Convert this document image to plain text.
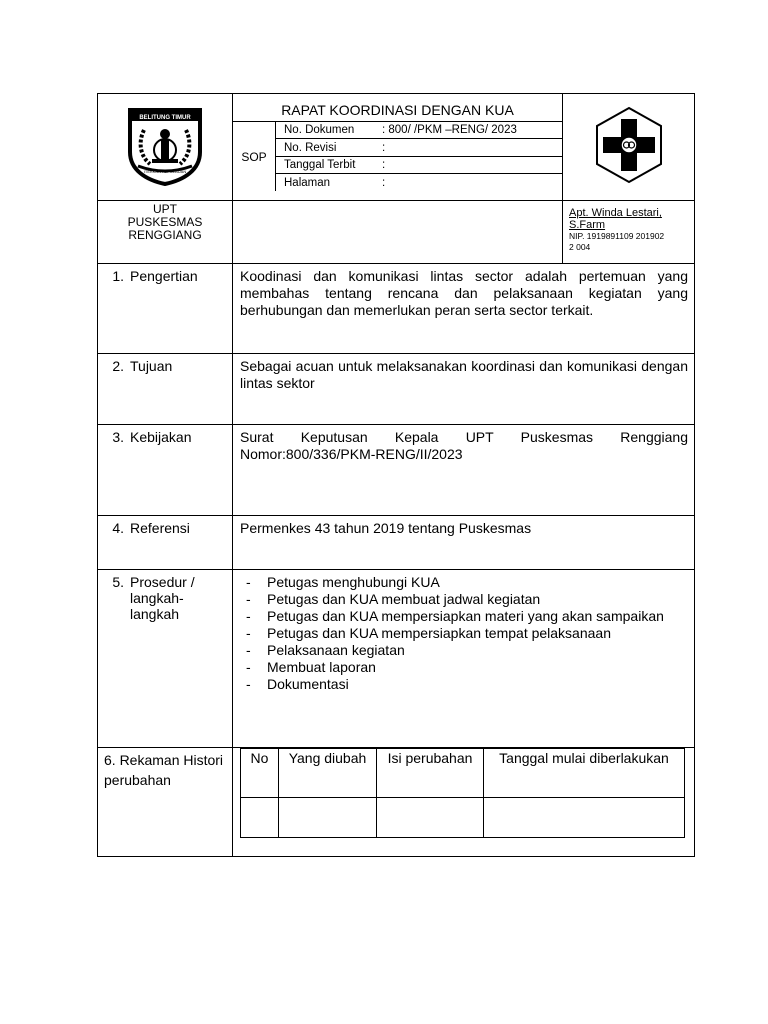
BELITUNG TIMUR
ITEKKAN KEPULAUAN

RAPAT KOORDINASI DENGAN KUA
SOP
No. Dokumen	: 800/ /PKM –RENG/ 2023
No. Revisi	:
Tanggal Terbit	:
Halaman	:

UPT
PUSKESMAS
RENGGIANG

Apt. Winda Lestari,
S.Farm
NIP. 1919891109 201902
2 004

1. Pengertian	Koodinasi dan komunikasi lintas sector adalah pertemuan yang membahas tentang rencana dan pelaksanaan kegiatan yang berhubungan dan memerlukan peran serta sector terkait.
2. Tujuan	Sebagai acuan untuk melaksanakan koordinasi dan komunikasi dengan lintas sektor
3. Kebijakan	Surat Keputusan Kepala UPT Puskesmas Renggiang Nomor:800/336/PKM-RENG/II/2023
4. Referensi	Permenkes 43 tahun 2019 tentang Puskesmas
5. Prosedur / langkah-langkah	
- Petugas menghubungi KUA
- Petugas dan KUA membuat jadwal kegiatan
- Petugas dan KUA mempersiapkan materi yang akan sampaikan
- Petugas dan KUA mempersiapkan tempat pelaksanaan
- Pelaksanaan kegiatan
- Membuat laporan
- Dokumentasi

6. Rekaman Histori perubahan	
No	Yang diubah	Isi perubahan	Tanggal mulai diberlakukan
